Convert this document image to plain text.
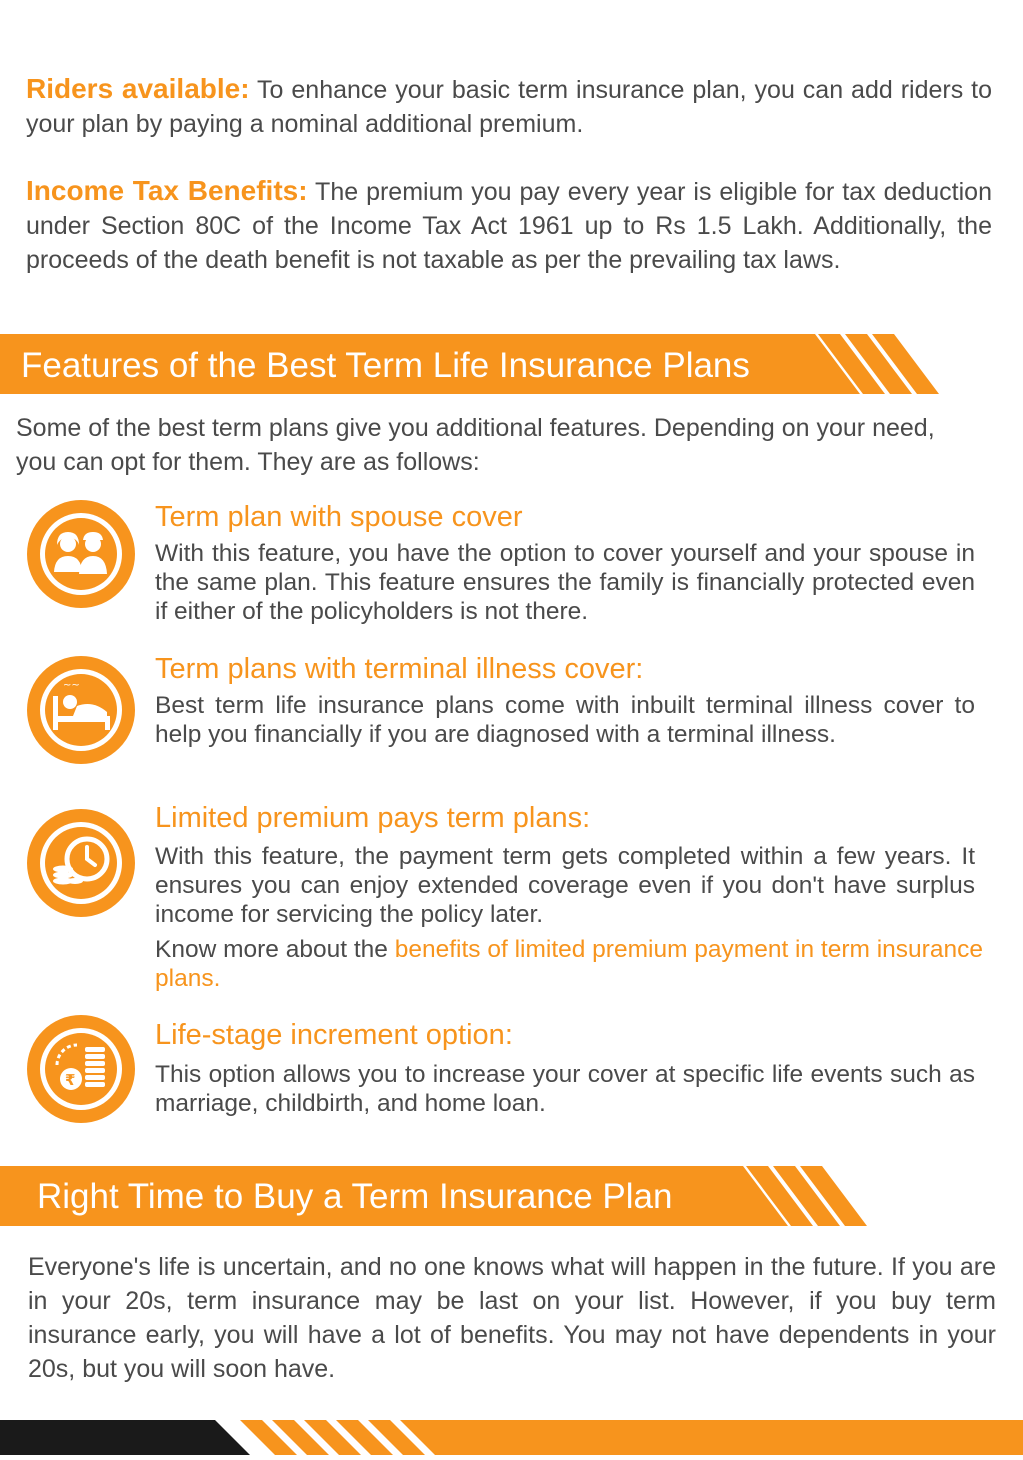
Riders available: To enhance your basic term insurance plan, you can add riders to your plan by paying a nominal additional premium.

Income Tax Benefits: The premium you pay every year is eligible for tax deduction under Section 80C of the Income Tax Act 1961 up to Rs 1.5 Lakh. Additionally, the proceeds of the death benefit is not taxable as per the prevailing tax laws.

Features of the Best Term Life Insurance Plans

Some of the best term plans give you additional features. Depending on your need, you can opt for them. They are as follows:

Term plan with spouse cover

With this feature, you have the option to cover yourself and your spouse in the same plan. This feature ensures the family is financially protected even if either of the policyholders is not there.

~~
Term plans with terminal illness cover:

Best term life insurance plans come with inbuilt terminal illness cover to help you financially if you are diagnosed with a terminal illness.

Limited premium pays term plans:

With this feature, the payment term gets completed within a few years. It ensures you can enjoy extended coverage even if you don't have surplus income for servicing the policy later.

Know more about the benefits of limited premium payment in term insurance plans.

₹
Life-stage increment option:

This option allows you to increase your cover at specific life events such as marriage, childbirth, and home loan.

Right Time to Buy a Term Insurance Plan

Everyone's life is uncertain, and no one knows what will happen in the future. If you are in your 20s, term insurance may be last on your list. However, if you buy term insurance early, you will have a lot of benefits. You may not have dependents in your 20s, but you will soon have.
